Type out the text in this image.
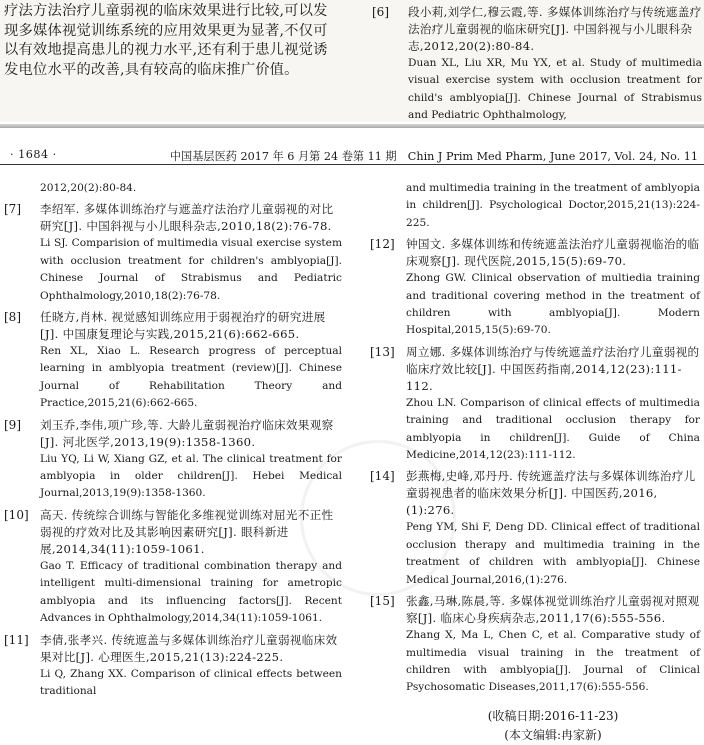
疗法方法治疗儿童弱视的临床效果进行比较,可以发现多媒体视觉训练系统的应用效果更为显著,不仅可以有效地提高患儿的视力水平,还有利于患儿视觉诱发电位水平的改善,具有较高的临床推广价值。

[6]	段小莉,刘学仁,穆云霞,等. 多媒体训练治疗与传统遮盖疗法治疗儿童弱视的临床研究[J]. 中国斜视与小儿眼科杂志,2012,20(2):80-84.
Duan XL, Liu XR, Mu YX, et al. Study of multimedia visual exercise system with occlusion treatment for child's amblyopia[J]. Chinese Journal of Strabismus and Pediatric Ophthalmology,
· 1684 ·	中国基层医药 2017 年 6 月第 24 卷第 11 期　Chin J Prim Med Pharm, June 2017, Vol. 24, No. 11
2012,20(2):80-84.
[7]	李绍军. 多媒体训练治疗与遮盖疗法治疗儿童弱视的对比研究[J]. 中国斜视与小儿眼科杂志,2010,18(2):76-78.
Li SJ. Comparision of multimedia visual exercise system with occlusion treatment for children's amblyopia[J]. Chinese Journal of Strabismus and Pediatric Ophthalmology,2010,18(2):76-78.
[8]	任晓方,肖林. 视觉感知训练应用于弱视治疗的研究进展[J]. 中国康复理论与实践,2015,21(6):662-665.
Ren XL, Xiao L. Research progress of perceptual learning in amblyopia treatment (review)[J]. Chinese Journal of Rehabilitation Theory and Practice,2015,21(6):662-665.
[9]	刘玉乔,李伟,项广珍,等. 大龄儿童弱视治疗临床效果观察[J]. 河北医学,2013,19(9):1358-1360.
Liu YQ, Li W, Xiang GZ, et al. The clinical treatment for amblyopia in older children[J]. Hebei Medical Journal,2013,19(9):1358-1360.
[10] 高天. 传统综合训练与智能化多维视觉训练对屈光不正性弱视的疗效对比及其影响因素研究[J]. 眼科新进展,2014,34(11):1059-1061.
Gao T. Efficacy of traditional combination therapy and intelligent multi-dimensional training for ametropic amblyopia and its influencing factors[J]. Recent Advances in Ophthalmology,2014,34(11):1059-1061.
[11] 李倩,张孝兴. 传统遮盖与多媒体训练治疗儿童弱视临床效果对比[J]. 心理医生,2015,21(13):224-225.
Li Q, Zhang XX. Comparison of clinical effects between traditional
and multimedia training in the treatment of amblyopia in children[J]. Psychological Doctor,2015,21(13):224-225.
[12] 钟国文. 多媒体训练和传统遮盖法治疗儿童弱视临治的临床观察[J]. 现代医院,2015,15(5):69-70.
Zhong GW. Clinical observation of multiedia training and traditional covering method in the treatment of children with amblyopia[J]. Modern Hospital,2015,15(5):69-70.
[13] 周立娜. 多媒体训练治疗与传统遮盖疗法治疗儿童弱视的临床疗效比较[J]. 中国医药指南,2014,12(23):111-112.
Zhou LN. Comparison of clinical effects of multimedia training and traditional occlusion therapy for amblyopia in children[J]. Guide of China Medicine,2014,12(23):111-112.
[14] 彭燕梅,史峰,邓丹丹. 传统遮盖疗法与多媒体训练治疗儿童弱视患者的临床效果分析[J]. 中国医药,2016,(1):276.
Peng YM, Shi F, Deng DD. Clinical effect of traditional occlusion therapy and multimedia training in the treatment of children with amblyopia[J]. Chinese Medical Journal,2016,(1):276.
[15] 张鑫,马琳,陈晨,等. 多媒体视觉训练治疗儿童弱视对照观察[J]. 临床心身疾病杂志,2011,17(6):555-556.
Zhang X, Ma L, Chen C, et al. Comparative study of multimedia visual training in the treatment of children with amblyopia[J]. Journal of Clinical Psychosomatic Diseases,2011,17(6):555-556.
(收稿日期:2016-11-23)
(本文编辑:冉家新)
